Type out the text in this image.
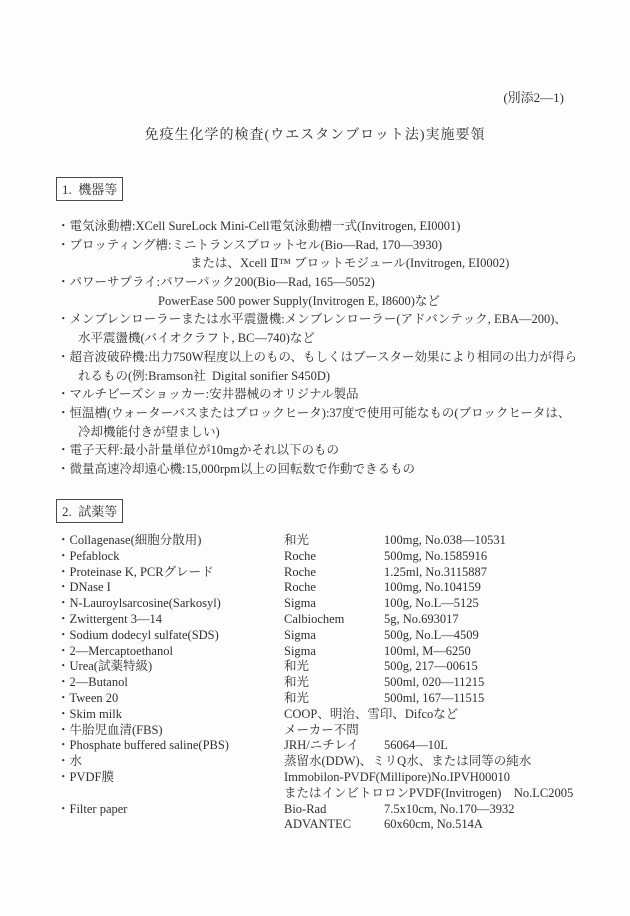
(別添2—1)
免疫生化学的検査(ウエスタンブロット法)実施要領
1.  機器等
・電気泳動槽:XCell SureLock Mini-Cell電気泳動槽一式(Invitrogen, EI0001)
・ブロッティング槽:ミニトランスブロットセル(Bio—Rad, 170—3930)
または、Xcell Ⅱ™ ブロットモジュール(Invitrogen, EI0002)
・パワーサプライ:パワーパック200(Bio—Rad, 165—5052)
PowerEase 500 power Supply(Invitrogen E, I8600)など
・メンブレンローラーまたは水平震盪機:メンブレンローラー(アドバンテック, EBA—200)、
水平震盪機(バイオクラフト, BC—740)など
・超音波破砕機:出力750W程度以上のもの、もしくはブースター効果により相同の出力が得ら
れるもの(例:Bramson社  Digital sonifier S450D)
・マルチビーズショッカー:安井器械のオリジナル製品
・恒温槽(ウォーターバスまたはブロックヒータ):37度で使用可能なもの(ブロックヒータは、
冷却機能付きが望ましい)
・電子天秤:最小計量単位が10mgかそれ以下のもの
・微量高速冷却遠心機:15,000rpm以上の回転数で作動できるもの
2.  試薬等
・Collagenase(細胞分散用)	和光	100mg, No.038—10531
・Pefablock	Roche	500mg, No.1585916
・Proteinase K, PCRグレード	Roche	1.25ml, No.3115887
・DNase I	Roche	100mg, No.104159
・N-Lauroylsarcosine(Sarkosyl)	Sigma	100g, No.L—5125
・Zwittergent 3—14	Calbiochem	5g, No.693017
・Sodium dodecyl sulfate(SDS)	Sigma	500g, No.L—4509
・2—Mercaptoethanol	Sigma	100ml, M—6250
・Urea(試薬特級)	和光	500g, 217—00615
・2—Butanol	和光	500ml, 020—11215
・Tween 20	和光	500ml, 167—11515
・Skim milk	COOP、明治、雪印、Difcoなど
・牛胎児血清(FBS)	メーカー不問
・Phosphate buffered saline(PBS)	JRH/ニチレイ 56064—10L
・水	蒸留水(DDW)、ミリQ水、または同等の純水
・PVDF膜	Immobilon-PVDF(Millipore)No.IPVH00010
またはインビトロロンPVDF(Invitrogen)    No.LC2005
・Filter paper	Bio-Rad	7.5x10cm, No.170—3932
ADVANTEC	60x60cm, No.514A
